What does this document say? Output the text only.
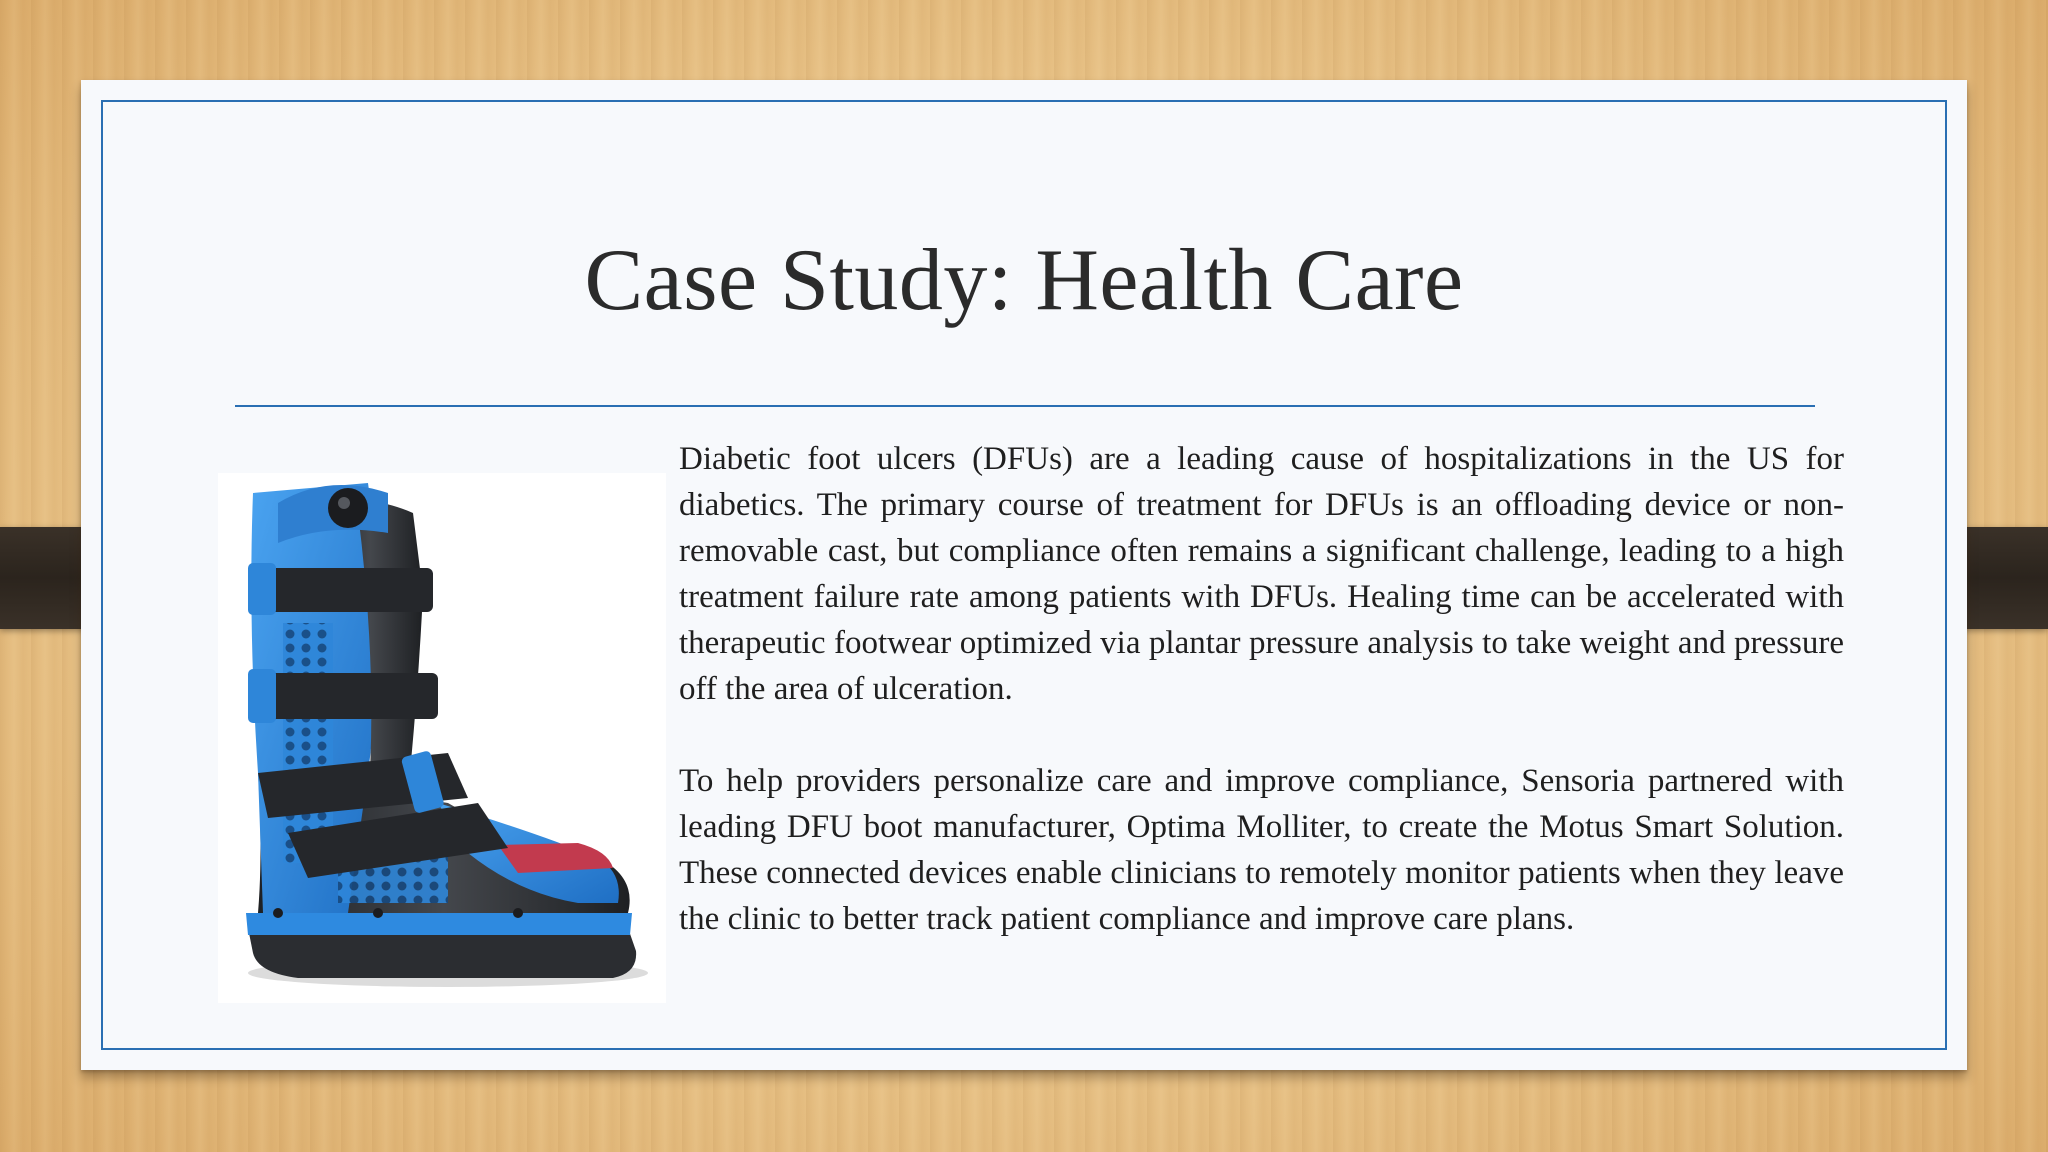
Case Study: Health Care

Diabetic foot ulcers (DFUs) are a leading cause of hospitalizations in the US for diabetics. The primary course of treatment for DFUs is an offloading device or non-removable cast, but compliance often remains a significant challenge, leading to a high treatment failure rate among patients with DFUs. Healing time can be accelerated with therapeutic footwear optimized via plantar pressure analysis to take weight and pressure off the area of ulceration.

To help providers personalize care and improve compliance, Sensoria partnered with leading DFU boot manufacturer, Optima Molliter, to create the Motus Smart Solution. These connected devices enable clinicians to remotely monitor patients when they leave the clinic to better track patient compliance and improve care plans.
